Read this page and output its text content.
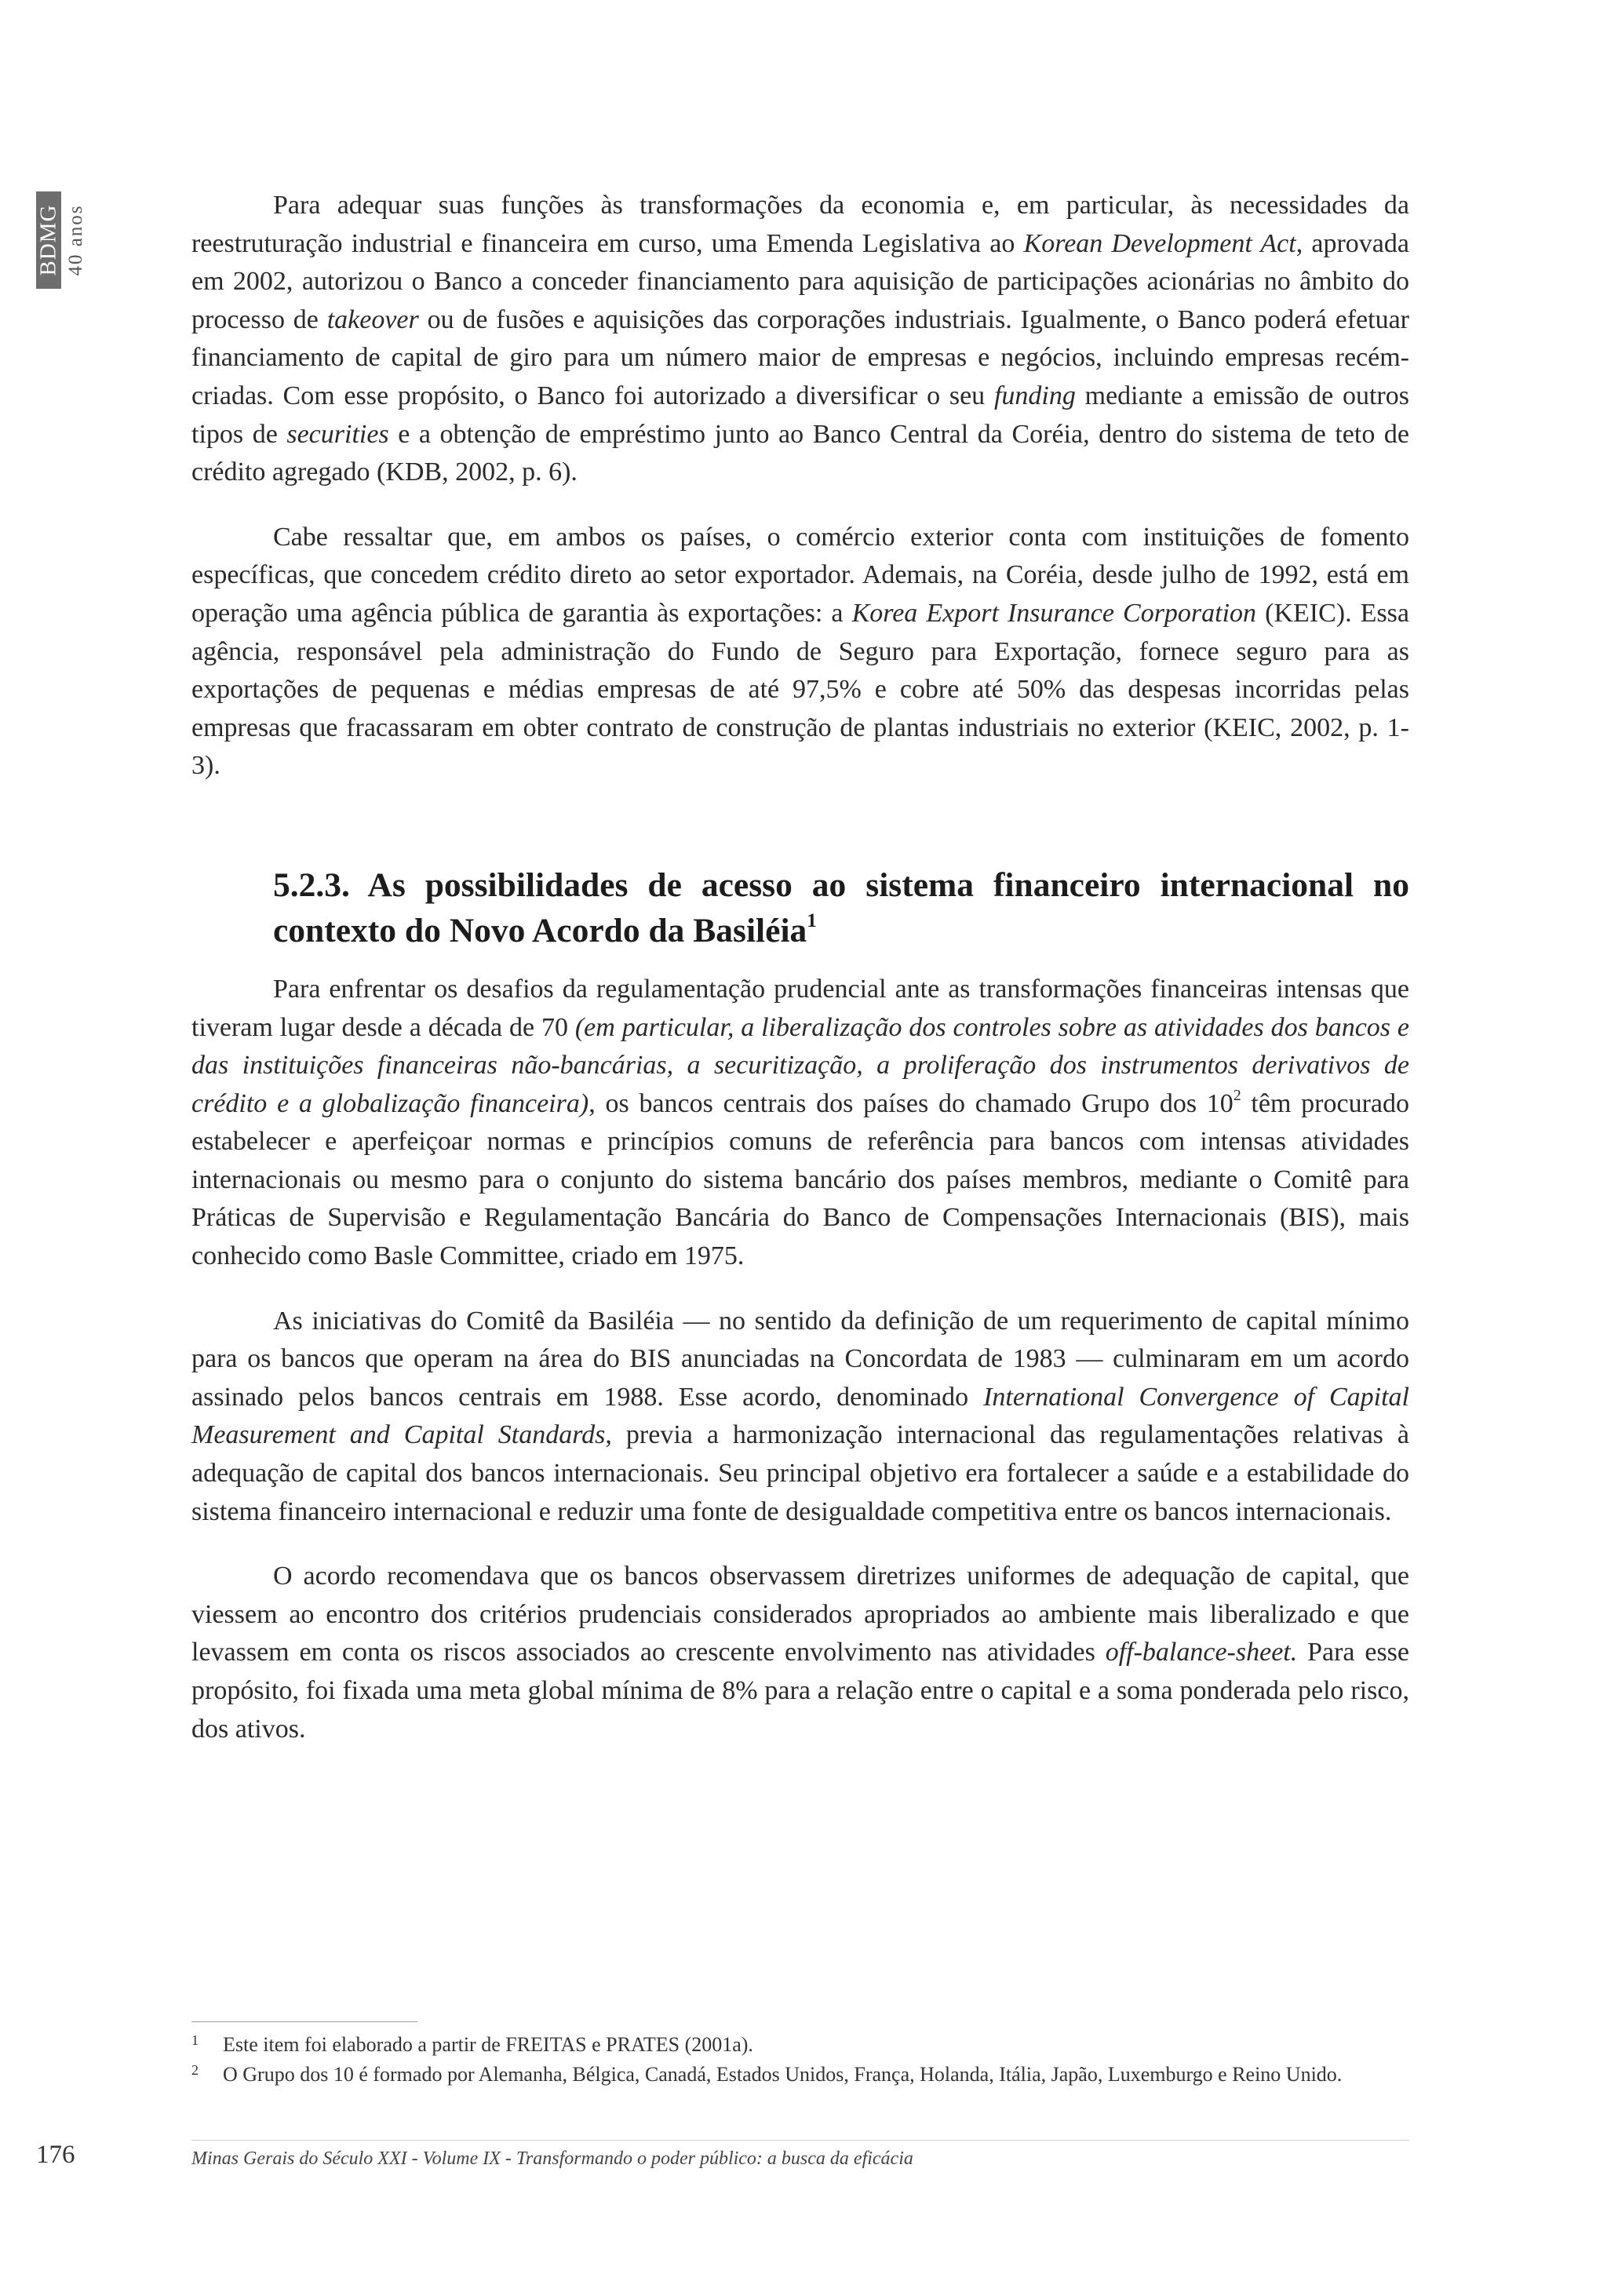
BDMG 40 anos	Para adequar suas funções às transformações da economia e, em particular, às necessidades da reestruturação industrial e financeira em curso, uma Emenda Legislativa ao Korean Development Act, aprovada em 2002, autorizou o Banco a conceder financiamento para aquisição de participações acionárias no âmbito do processo de takeover ou de fusões e aquisições das corporações industriais. Igualmente, o Banco poderá efetuar financiamento de capital de giro para um número maior de empresas e negócios, incluindo empresas recém-criadas. Com esse propósito, o Banco foi autorizado a diversificar o seu funding mediante a emissão de outros tipos de securities e a obtenção de empréstimo junto ao Banco Central da Coréia, dentro do sistema de teto de crédito agregado (KDB, 2002, p. 6).

Cabe ressaltar que, em ambos os países, o comércio exterior conta com instituições de fomento específicas, que concedem crédito direto ao setor exportador. Ademais, na Coréia, desde julho de 1992, está em operação uma agência pública de garantia às exportações: a Korea Export Insurance Corporation (KEIC). Essa agência, responsável pela administração do Fundo de Seguro para Exportação, fornece seguro para as exportações de pequenas e médias empresas de até 97,5% e cobre até 50% das despesas incorridas pelas empresas que fracassaram em obter contrato de construção de plantas industriais no exterior (KEIC, 2002, p. 1-3).

5.2.3. As possibilidades de acesso ao sistema financeiro internacional no contexto do Novo Acordo da Basiléia$^1$

Para enfrentar os desafios da regulamentação prudencial ante as transformações financeiras intensas que tiveram lugar desde a década de 70 (em particular, a liberalização dos controles sobre as atividades dos bancos e das instituições financeiras não-bancárias, a securitização, a proliferação dos instrumentos derivativos de crédito e a globalização financeira), os bancos centrais dos países do chamado Grupo dos $10^2$ têm procurado estabelecer e aperfeiçoar normas e princípios comuns de referência para bancos com intensas atividades internacionais ou mesmo para o conjunto do sistema bancário dos países membros, mediante o Comitê para Práticas de Supervisão e Regulamentação Bancária do Banco de Compensações Internacionais (BIS), mais conhecido como Basle Committee, criado em 1975.

As iniciativas do Comitê da Basiléia — no sentido da definição de um requerimento de capital mínimo para os bancos que operam na área do BIS anunciadas na Concordata de 1983 — culminaram em um acordo assinado pelos bancos centrais em 1988. Esse acordo, denominado International Convergence of Capital Measurement and Capital Standards, previa a harmonização internacional das regulamentações relativas à adequação de capital dos bancos internacionais. Seu principal objetivo era fortalecer a saúde e a estabilidade do sistema financeiro internacional e reduzir uma fonte de desigualdade competitiva entre os bancos internacionais.

O acordo recomendava que os bancos observassem diretrizes uniformes de adequação de capital, que viessem ao encontro dos critérios prudenciais considerados apropriados ao ambiente mais liberalizado e que levassem em conta os riscos associados ao crescente envolvimento nas atividades off-balance-sheet. Para esse propósito, foi fixada uma meta global mínima de 8% para a relação entre o capital e a soma ponderada pelo risco, dos ativos.

1 Este item foi elaborado a partir de FREITAS e PRATES (2001a).
2 O Grupo dos 10 é formado por Alemanha, Bélgica, Canadá, Estados Unidos, França, Holanda, Itália, Japão, Luxemburgo e Reino Unido.
176	Minas Gerais do Século XXI - Volume IX - Transformando o poder público: a busca da eficácia
